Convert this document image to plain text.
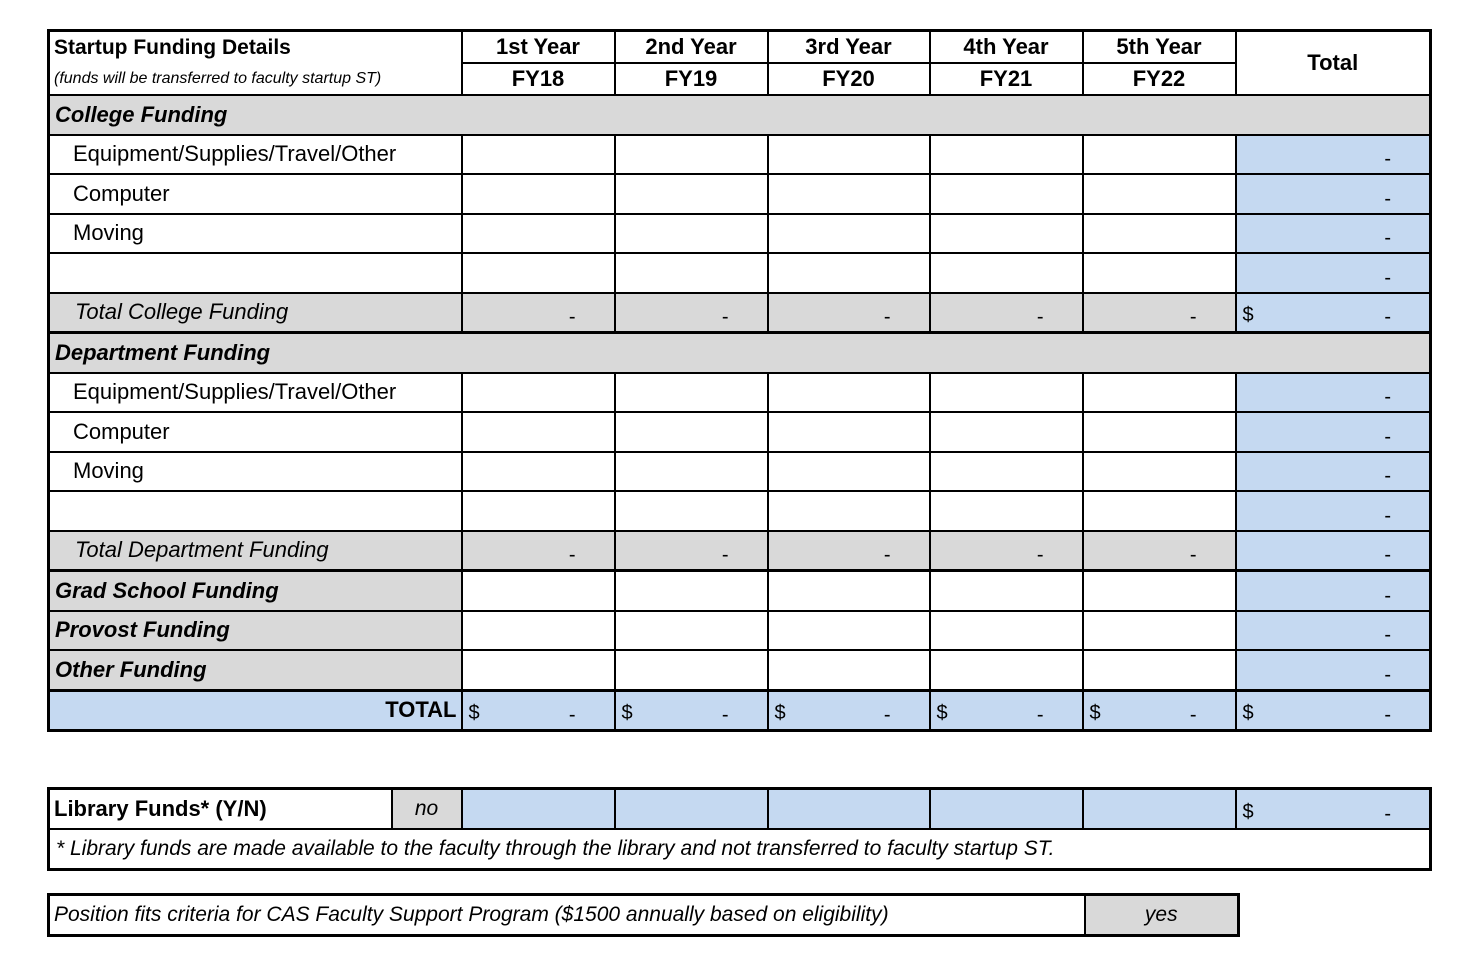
Startup Funding Details	1st Year	2nd Year	3rd Year	4th Year	5th Year	Total
(funds will be transferred to faculty startup ST)	FY18	FY19	FY20	FY21	FY22	
College Funding						
Equipment/Supplies/Travel/Other						-

Computer						-

Moving						-

						-

Total College Funding	-	-	-	-	-	$ -

Department Funding						
Equipment/Supplies/Travel/Other						-

Computer						-

Moving						-

						-

Total Department Funding	-	-	-	-	-	-

Grad School Funding						-

Provost Funding						-

Other Funding						-

TOTAL	$ -	$ -	$ -	$ -	$ -	$ -
Library Funds* (Y/N)	no						$	-

* Library funds are made available to the faculty through the library and not transferred to faculty startup ST.
Position fits criteria for CAS Faculty Support Program ($1500 annually based on eligibility)	yes
